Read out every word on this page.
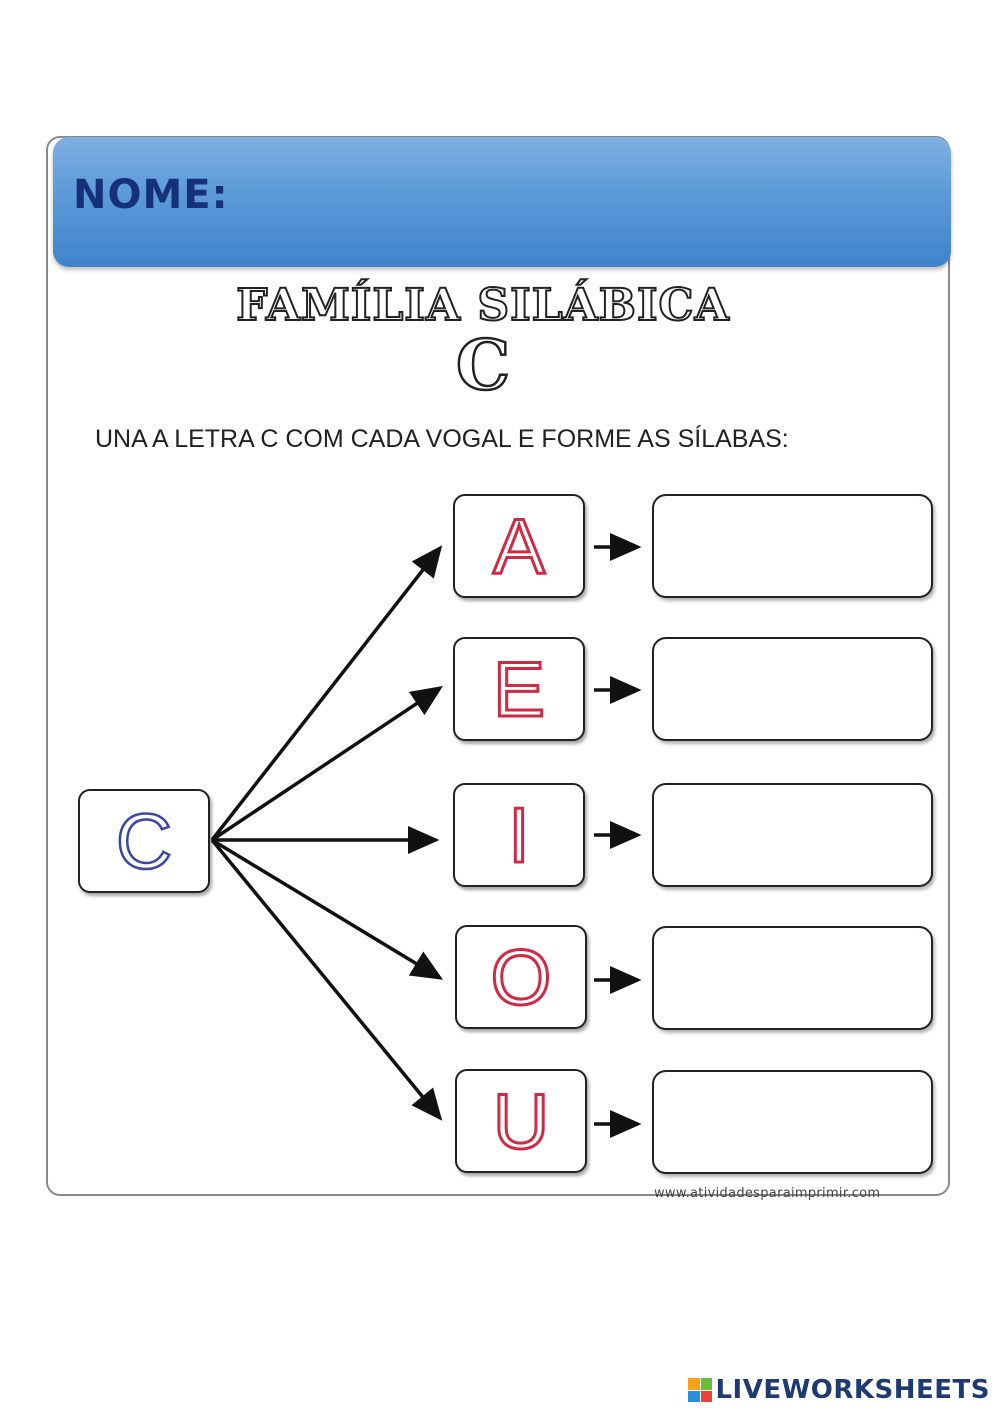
NOME:
FAMÍLIA SILÁBICA
C
UNA A LETRA C COM CADA VOGAL E FORME AS SÍLABAS:
C
A
E
I
O
U
www.atividadesparaimprimir.com
LIVEWORKSHEETS
